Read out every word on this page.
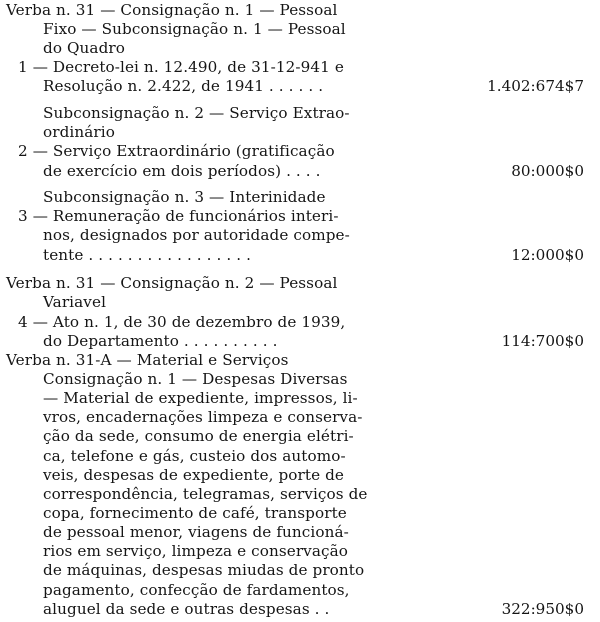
Verba n. 31 — Consignação n. 1 — Pessoal
Fixo — Subconsignação n. 1 — Pessoal
do Quadro
1 — Decreto-lei n. 12.490, de 31-12-941 e
Resolução n. 2.422, de 1941 . . . . . .	1.402:674$7
Subconsignação n. 2 — Serviço Extrao-
ordinário
2 — Serviço Extraordinário (gratificação
de exercício em dois períodos) . . . .	80:000$0
Subconsignação n. 3 — Interinidade
3 — Remuneração de funcionários interi-
nos, designados por autoridade compe-
tente . . . . . . . . . . . . . . . . .	12:000$0
Verba n. 31 — Consignação n. 2 — Pessoal
Variavel
4 — Ato n. 1, de 30 de dezembro de 1939,
do Departamento . . . . . . . . . .	114:700$0
Verba n. 31-A — Material e Serviços
Consignação n. 1 — Despesas Diversas
— Material de expediente, impressos, li-
vros, encadernações limpeza e conserva-
ção da sede, consumo de energia elétri-
ca, telefone e gás, custeio dos automo-
veis, despesas de expediente, porte de
correspondência, telegramas, serviços de
copa, fornecimento de café, transporte
de pessoal menor, viagens de funcioná-
rios em serviço, limpeza e conservação
de máquinas, despesas miudas de pronto
pagamento, confecção de fardamentos,
aluguel da sede e outras despesas . .	322:950$0
